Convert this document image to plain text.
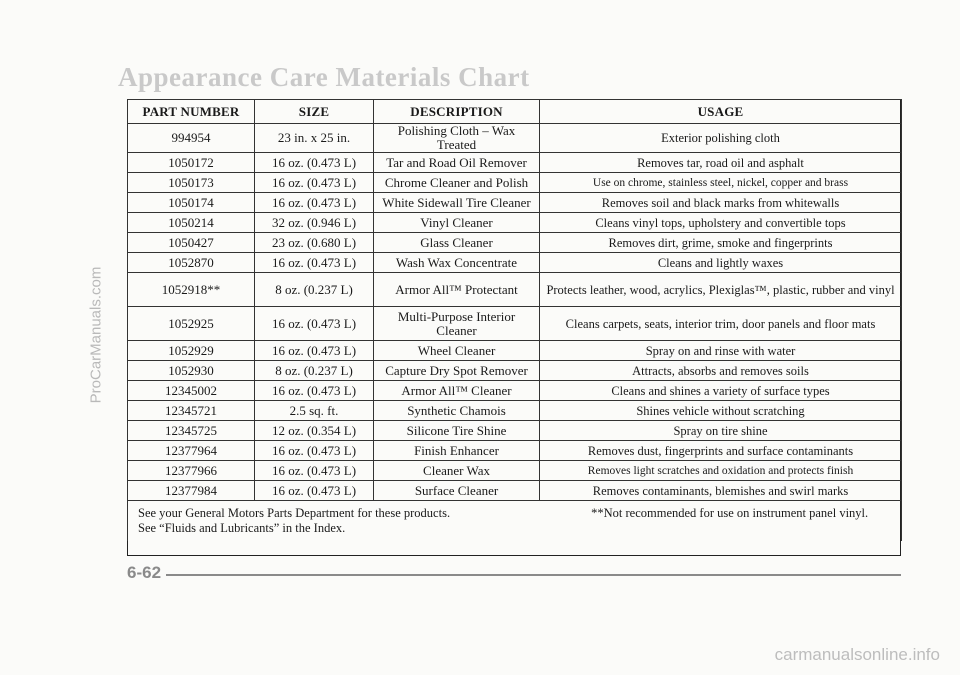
ProCarManuals.com
Appearance Care Materials Chart
PART NUMBER	SIZE	DESCRIPTION	USAGE
994954	23 in. x 25 in.	Polishing Cloth – Wax Treated	Exterior polishing cloth
1050172	16 oz. (0.473 L)	Tar and Road Oil Remover	Removes tar, road oil and asphalt
1050173	16 oz. (0.473 L)	Chrome Cleaner and Polish	Use on chrome, stainless steel, nickel, copper and brass
1050174	16 oz. (0.473 L)	White Sidewall Tire Cleaner	Removes soil and black marks from whitewalls
1050214	32 oz. (0.946 L)	Vinyl Cleaner	Cleans vinyl tops, upholstery and convertible tops
1050427	23 oz. (0.680 L)	Glass Cleaner	Removes dirt, grime, smoke and fingerprints
1052870	16 oz. (0.473 L)	Wash Wax Concentrate	Cleans and lightly waxes
1052918**	8 oz. (0.237 L)	Armor All™ Protectant	Protects leather, wood, acrylics, Plexiglas™, plastic, rubber and vinyl
1052925	16 oz. (0.473 L)	Multi-Purpose Interior Cleaner	Cleans carpets, seats, interior trim, door panels and floor mats
1052929	16 oz. (0.473 L)	Wheel Cleaner	Spray on and rinse with water
1052930	8 oz. (0.237 L)	Capture Dry Spot Remover	Attracts, absorbs and removes soils
12345002	16 oz. (0.473 L)	Armor All™ Cleaner	Cleans and shines a variety of surface types
12345721	2.5 sq. ft.	Synthetic Chamois	Shines vehicle without scratching
12345725	12 oz. (0.354 L)	Silicone Tire Shine	Spray on tire shine
12377964	16 oz. (0.473 L)	Finish Enhancer	Removes dust, fingerprints and surface contaminants
12377966	16 oz. (0.473 L)	Cleaner Wax	Removes light scratches and oxidation and protects finish
12377984	16 oz. (0.473 L)	Surface Cleaner	Removes contaminants, blemishes and swirl marks
See your General Motors Parts Department for these products.
See “Fluids and Lubricants” in the Index. **Not recommended for use on instrument panel vinyl.			
6-62
carmanualsonline.info
